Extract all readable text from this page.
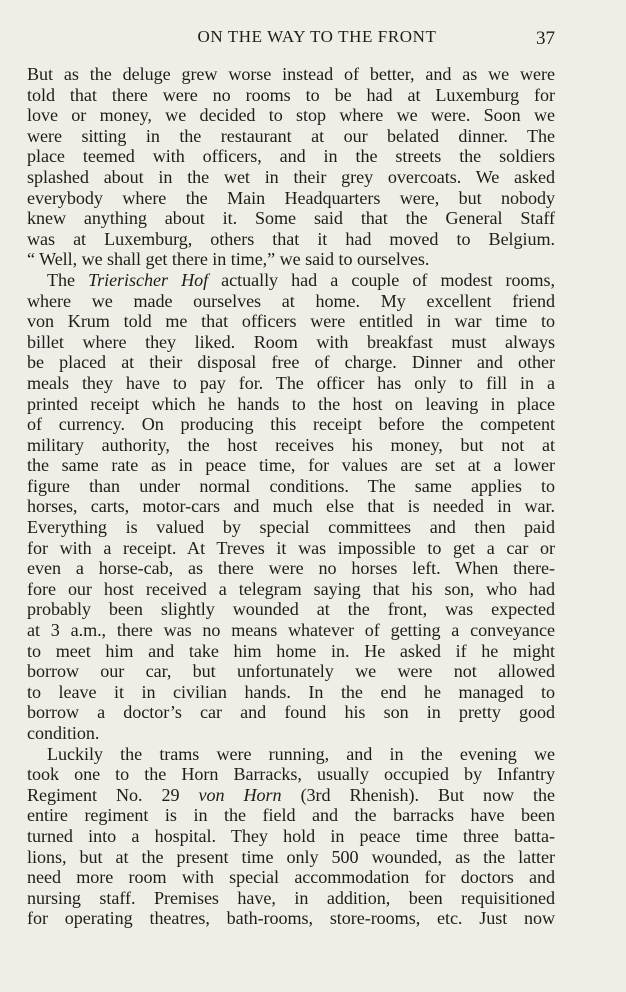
ON THE WAY TO THE FRONT	37
But as the deluge grew worse instead of better, and as we were
told that there were no rooms to be had at Luxemburg for
love or money, we decided to stop where we were. Soon we
were sitting in the restaurant at our belated dinner. The
place teemed with officers, and in the streets the soldiers
splashed about in the wet in their grey overcoats. We asked
everybody where the Main Headquarters were, but nobody
knew anything about it. Some said that the General Staff
was at Luxemburg, others that it had moved to Belgium.
“ Well, we shall get there in time,” we said to ourselves.
The Trierischer Hof actually had a couple of modest rooms,
where we made ourselves at home. My excellent friend
von Krum told me that officers were entitled in war time to
billet where they liked. Room with breakfast must always
be placed at their disposal free of charge. Dinner and other
meals they have to pay for. The officer has only to fill in a
printed receipt which he hands to the host on leaving in place
of currency. On producing this receipt before the competent
military authority, the host receives his money, but not at
the same rate as in peace time, for values are set at a lower
figure than under normal conditions. The same applies to
horses, carts, motor-cars and much else that is needed in war.
Everything is valued by special committees and then paid
for with a receipt. At Treves it was impossible to get a car or
even a horse-cab, as there were no horses left. When there-
fore our host received a telegram saying that his son, who had
probably been slightly wounded at the front, was expected
at 3 a.m., there was no means whatever of getting a conveyance
to meet him and take him home in. He asked if he might
borrow our car, but unfortunately we were not allowed
to leave it in civilian hands. In the end he managed to
borrow a doctor’s car and found his son in pretty good
condition.
Luckily the trams were running, and in the evening we
took one to the Horn Barracks, usually occupied by Infantry
Regiment No. 29 von Horn (3rd Rhenish). But now the
entire regiment is in the field and the barracks have been
turned into a hospital. They hold in peace time three batta-
lions, but at the present time only 500 wounded, as the latter
need more room with special accommodation for doctors and
nursing staff. Premises have, in addition, been requisitioned
for operating theatres, bath-rooms, store-rooms, etc. Just now
